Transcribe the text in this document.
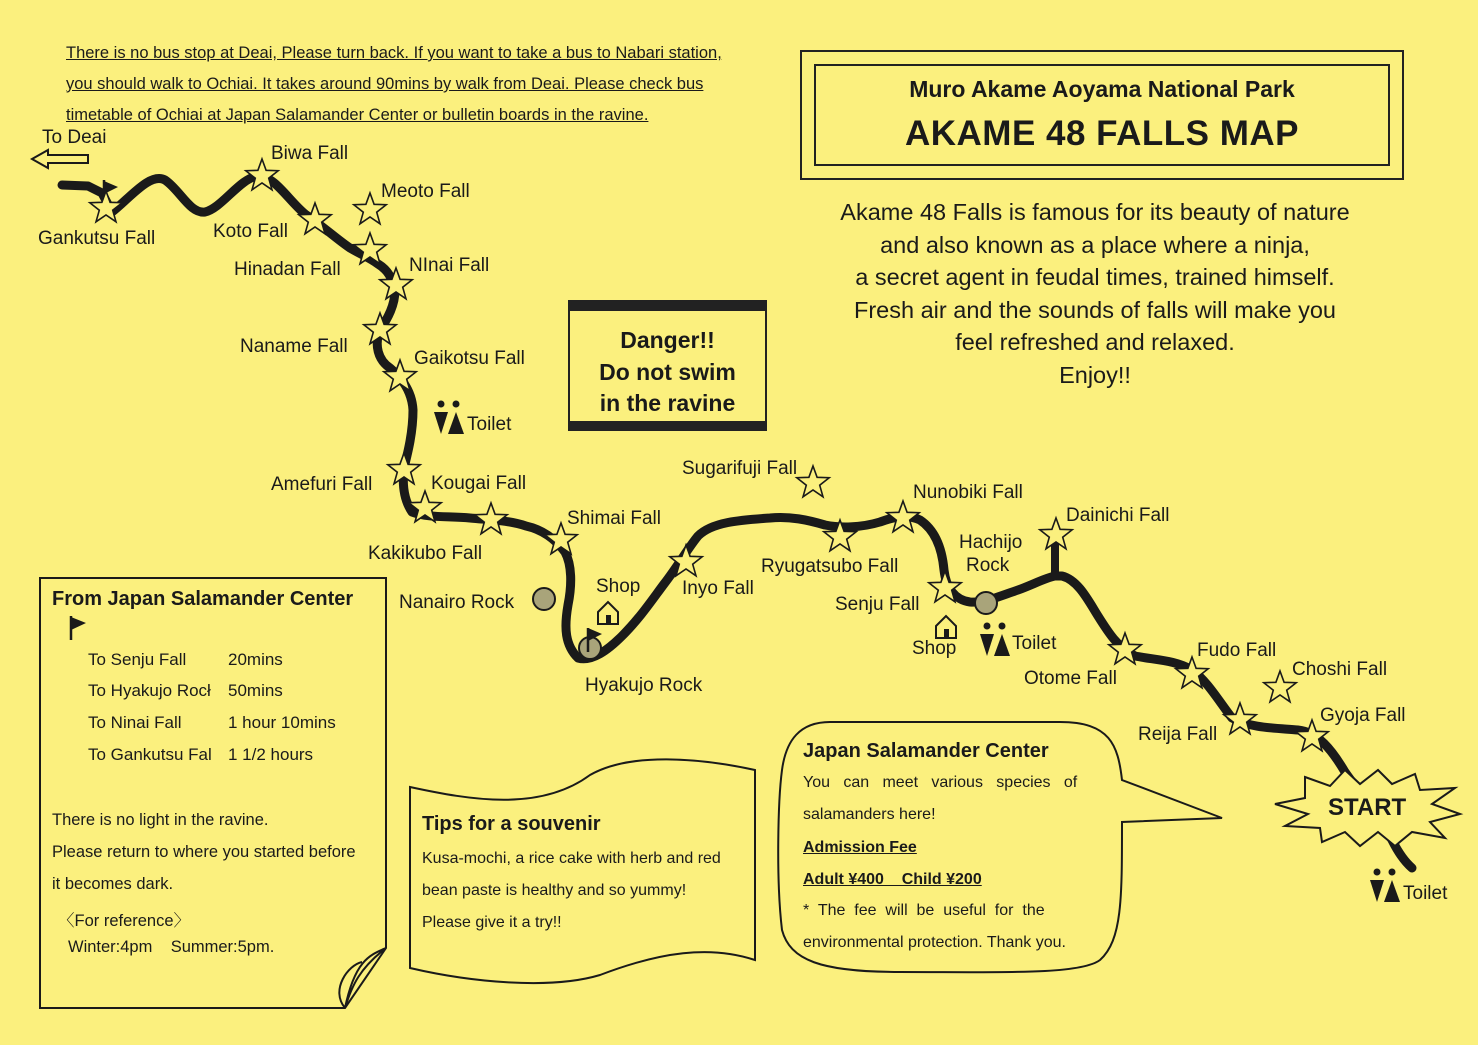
There is no bus stop at Deai, Please turn back. If you want to take a bus to Nabari station,
you should walk to Ochiai. It takes around 90mins by walk from Deai. Please check bus
timetable of Ochiai at Japan Salamander Center or bulletin boards in the ravine.
Muro Akame Aoyama National Park
AKAME 48 FALLS MAP
Akame 48 Falls is famous for its beauty of nature
and also known as a place where a ninja,
a secret agent in feudal times, trained himself.
Fresh air and the sounds of falls will make you
feel refreshed and relaxed.
Enjoy!!
Danger!!
Do not swim
in the ravine
To Deai
Biwa Fall
Meoto Fall
Gankutsu Fall	Koto Fall
Hinadan Fall	NInai Fall
Naname Fall
Gaikotsu Fall
Toilet
Amefuri Fall	Kougai Fall
Kakikubo Fall
Shimai Fall
Sugarifuji Fall
Nunobiki Fall
Dainichi Fall
Hachijo
Rock
Ryugatsubo Fall
Inyo Fall
Shop
Nanairo Rock
Hyakujo Rock
Senju Fall
Shop	Toilet
Otome Fall
Fudo Fall
Choshi Fall
Gyoja Fall
Reija Fall
Toilet
START
From Japan Salamander Center
To Senju Fall 20mins
To Hyakujo Rocł 50mins
To Ninai Fall	1 hour 10mins
To Gankutsu Fal 1 1/2 hours
There is no light in the ravine.
Please return to where you started before
it becomes dark.
〈For reference〉
Winter:4pm    Summer:5pm.
Tips for a souvenir
Kusa-mochi, a rice cake with herb and red
bean paste is healthy and so yummy!
Please give it a try!!
Japan Salamander Center
You   can   meet   various   species   of
salamanders here!
Admission Fee
Adult ¥400    Child ¥200
*  The  fee  will  be  useful  for  the
environmental protection. Thank you.
